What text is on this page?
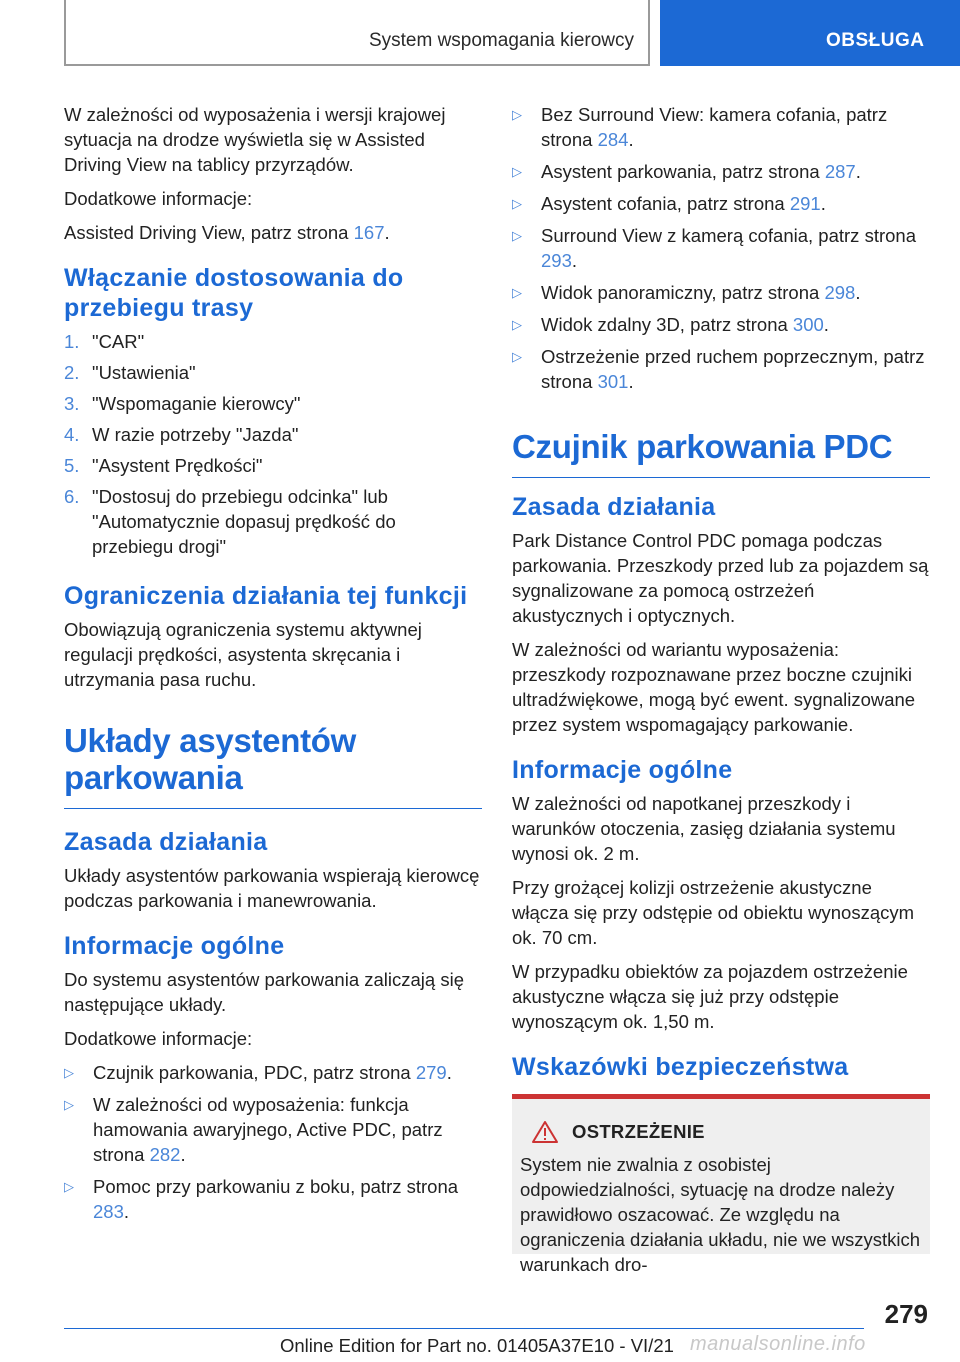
System wspomagania kierowcy	OBSŁUGA

W zależności od wyposażenia i wersji krajowej sytuacja na drodze wyświetla się w Assisted Driving View na tablicy przyrządów.

Dodatkowe informacje:

Assisted Driving View, patrz strona 167.

Włączanie dostosowania do przebiegu trasy
1. "CAR"
2. "Ustawienia"
3. "Wspomaganie kierowcy"
4. W razie potrzeby "Jazda"
5. "Asystent Prędkości"
6. "Dostosuj do przebiegu odcinka" lub "Automatycznie dopasuj prędkość do przebiegu drogi"
Ograniczenia działania tej funkcji

Obowiązują ograniczenia systemu aktywnej regulacji prędkości, asystenta skręcania i utrzymania pasa ruchu.

Układy asystentów parkowania
Zasada działania

Układy asystentów parkowania wspierają kierowcę podczas parkowania i manewrowania.

Informacje ogólne

Do systemu asystentów parkowania zaliczają się następujące układy.

Dodatkowe informacje:

▷ Czujnik parkowania, PDC, patrz strona 279.
▷ W zależności od wyposażenia: funkcja hamowania awaryjnego, Active PDC, patrz strona 282.
▷ Pomoc przy parkowaniu z boku, patrz strona 283.
▷ Bez Surround View: kamera cofania, patrz strona 284.
▷ Asystent parkowania, patrz strona 287.
▷ Asystent cofania, patrz strona 291.
▷ Surround View z kamerą cofania, patrz strona 293.
▷ Widok panoramiczny, patrz strona 298.
▷ Widok zdalny 3D, patrz strona 300.
▷ Ostrzeżenie przed ruchem poprzecznym, patrz strona 301.
Czujnik parkowania PDC
Zasada działania

Park Distance Control PDC pomaga podczas parkowania. Przeszkody przed lub za pojazdem są sygnalizowane za pomocą ostrzeżeń akustycznych i optycznych.

W zależności od wariantu wyposażenia: przeszkody rozpoznawane przez boczne czujniki ultradźwiękowe, mogą być ewent. sygnalizowane przez system wspomagający parkowanie.

Informacje ogólne

W zależności od napotkanej przeszkody i warunków otoczenia, zasięg działania systemu wynosi ok. 2 m.

Przy grożącej kolizji ostrzeżenie akustyczne włącza się przy odstępie od obiektu wynoszącym ok. 70 cm.

W przypadku obiektów za pojazdem ostrzeżenie akustyczne włącza się już przy odstępie wynoszącym ok. 1,50 m.

Wskazówki bezpieczeństwa
OSTRZEŻENIE

System nie zwalnia z osobistej odpowiedzialności, sytuację na drodze należy prawidłowo oszacować. Ze względu na ograniczenia działania układu, nie we wszystkich warunkach dro-

279
Online Edition for Part no. 01405A37E10 - VI/21 manualsonline.info
